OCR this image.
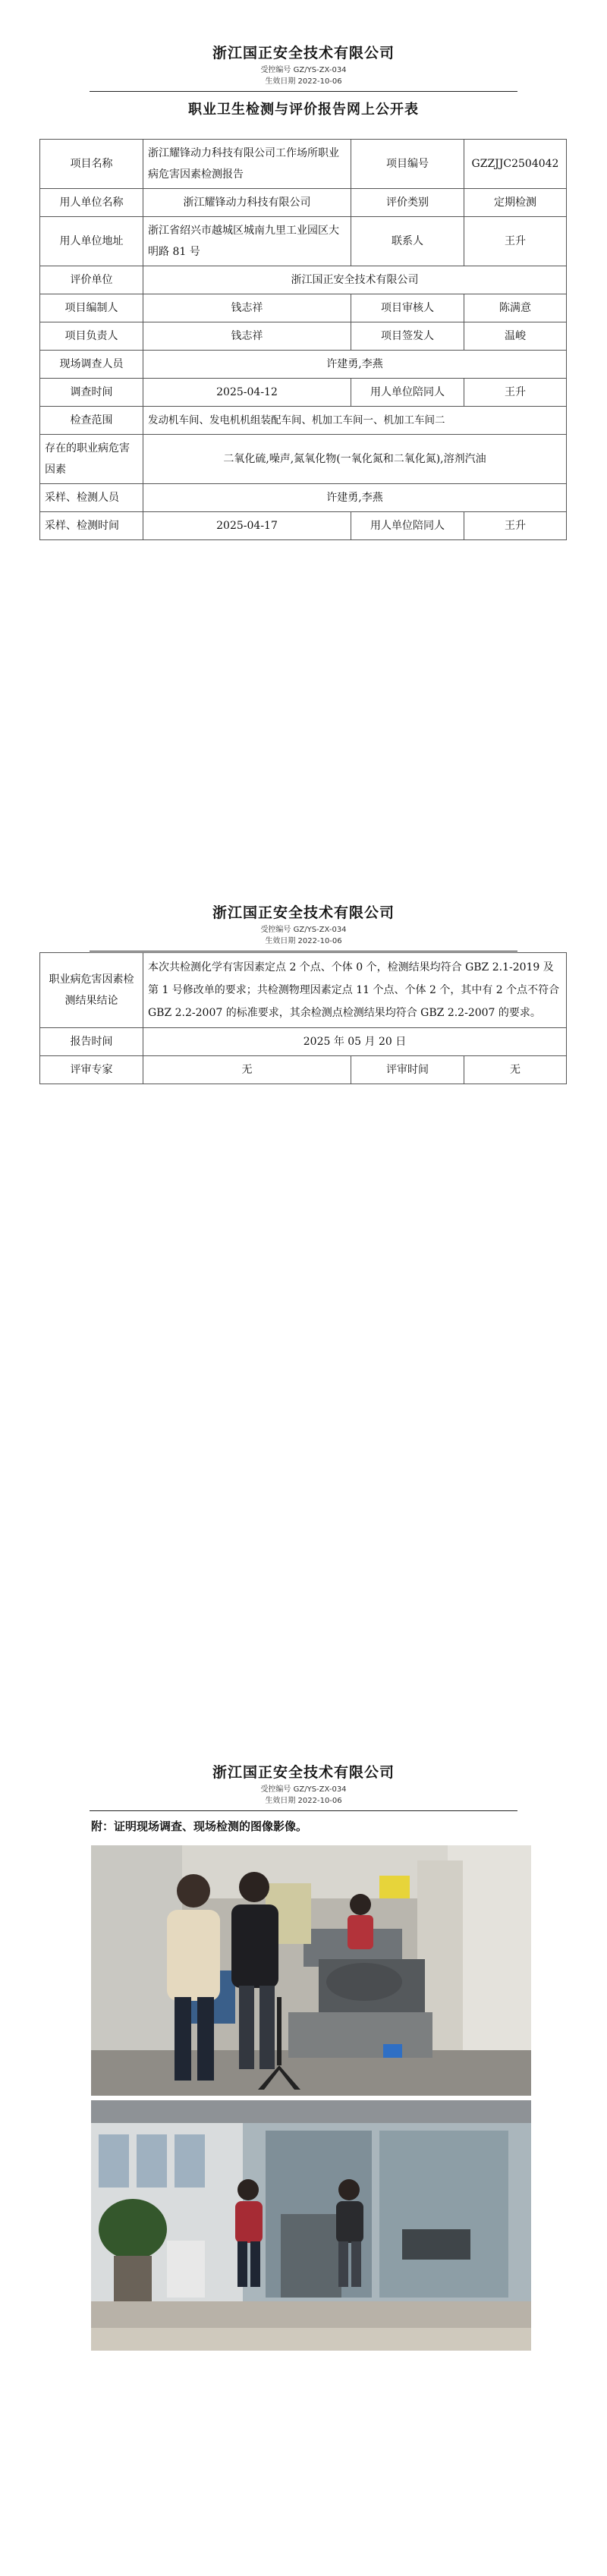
浙江国正安全技术有限公司
受控编号 GZ/YS-ZX-034
生效日期 2022-10-06
职业卫生检测与评价报告网上公开表
项目名称	浙江耀锋动力科技有限公司工作场所职业病危害因素检测报告	项目编号	GZZJJC2504042
用人单位名称	浙江耀锋动力科技有限公司	评价类别	定期检测
用人单位地址	浙江省绍兴市越城区城南九里工业园区大明路 81 号	联系人	王升
评价单位	浙江国正安全技术有限公司		
项目编制人	钱志祥	项目审核人	陈满意
项目负责人	钱志祥	项目签发人	温峻
现场调查人员	许建勇,李燕		
调查时间	2025-04-12	用人单位陪同人	王升
检查范围	发动机车间、发电机机组装配车间、机加工车间一、机加工车间二		
存在的职业病危害因素	二氧化硫,噪声,氮氧化物(一氧化氮和二氧化氮),溶剂汽油		
采样、检测人员	许建勇,李燕		
采样、检测时间	2025-04-17	用人单位陪同人	王升
浙江国正安全技术有限公司
受控编号 GZ/YS-ZX-034
生效日期 2022-10-06
职业病危害因素检测结果结论	本次共检测化学有害因素定点 2 个点、个体 0 个，检测结果均符合 GBZ 2.1-2019 及第 1 号修改单的要求；共检测物理因素定点 11 个点、个体 2 个，其中有 2 个点不符合 GBZ 2.2-2007 的标准要求，其余检测点检测结果均符合 GBZ 2.2-2007 的要求。		
报告时间	2025 年 05 月 20 日		
评审专家	无	评审时间	无
浙江国正安全技术有限公司
受控编号 GZ/YS-ZX-034
生效日期 2022-10-06
附：证明现场调查、现场检测的图像影像。
